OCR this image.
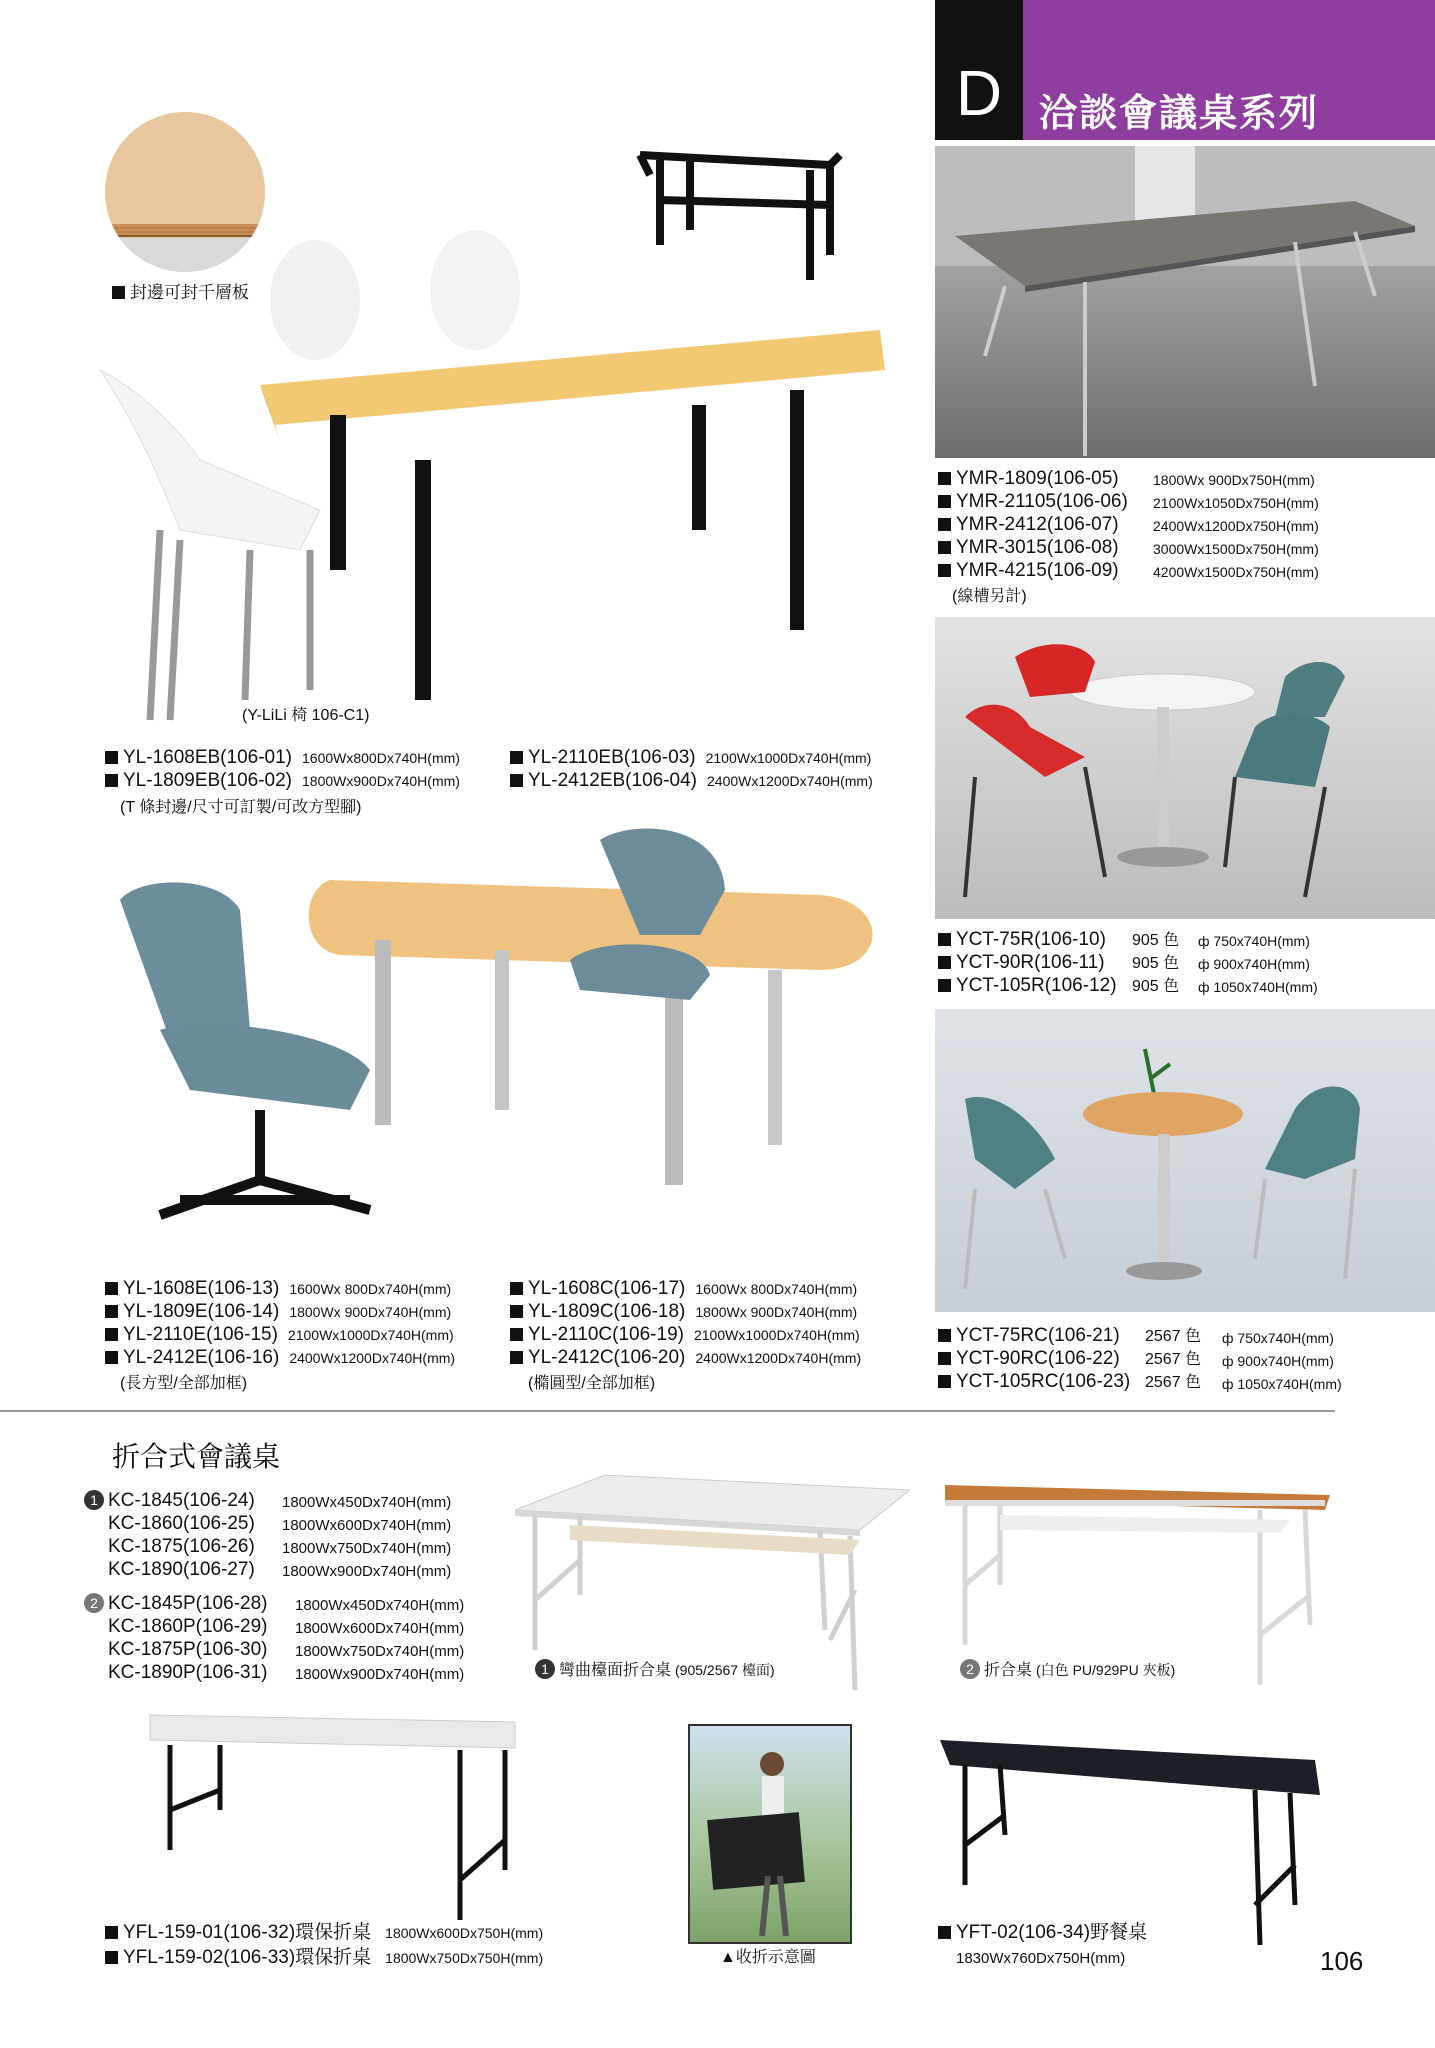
D 洽談會議桌系列
封邊可封千層板
(Y-LiLi 椅 106-C1)
YL-1608EB(106-01) 1600Wx800Dx740H(mm)
YL-1809EB(106-02) 1800Wx900Dx740H(mm)
YL-2110EB(106-03) 2100Wx1000Dx740H(mm)
YL-2412EB(106-04) 2400Wx1200Dx740H(mm)
(T 條封邊/尺寸可訂製/可改方型腳)
YMR-1809(106-05) 1800Wx 900Dx750H(mm)
YMR-21105(106-06) 2100Wx1050Dx750H(mm)
YMR-2412(106-07) 2400Wx1200Dx750H(mm)
YMR-3015(106-08) 3000Wx1500Dx750H(mm)
YMR-4215(106-09) 4200Wx1500Dx750H(mm)
(線槽另計)
YCT-75R(106-10) 905 色 ф 750x740H(mm)
YCT-90R(106-11) 905 色 ф 900x740H(mm)
YCT-105R(106-12) 905 色 ф 1050x740H(mm)
YL-1608E(106-13) 1600Wx 800Dx740H(mm)
YL-1809E(106-14) 1800Wx 900Dx740H(mm)
YL-2110E(106-15) 2100Wx1000Dx740H(mm)
YL-2412E(106-16) 2400Wx1200Dx740H(mm)
(長方型/全部加框)
YL-1608C(106-17) 1600Wx 800Dx740H(mm)
YL-1809C(106-18) 1800Wx 900Dx740H(mm)
YL-2110C(106-19) 2100Wx1000Dx740H(mm)
YL-2412C(106-20) 2400Wx1200Dx740H(mm)
(橢圓型/全部加框)
YCT-75RC(106-21) 2567 色 ф 750x740H(mm)
YCT-90RC(106-22) 2567 色 ф 900x740H(mm)
YCT-105RC(106-23) 2567 色 ф 1050x740H(mm)
折合式會議桌
1 KC-1845(106-24) 1800Wx450Dx740H(mm)
KC-1860(106-25) 1800Wx600Dx740H(mm)
KC-1875(106-26) 1800Wx750Dx740H(mm)
KC-1890(106-27) 1800Wx900Dx740H(mm)
2 KC-1845P(106-28) 1800Wx450Dx740H(mm)
KC-1860P(106-29) 1800Wx600Dx740H(mm)
KC-1875P(106-30) 1800Wx750Dx740H(mm)
KC-1890P(106-31) 1800Wx900Dx740H(mm)	1 彎曲檯面折合桌 (905/2567 檯面)	2 折合桌 (白色 PU/929PU 夾板)
YFL-159-01(106-32)環保折桌 1800Wx600Dx750H(mm)
YFL-159-02(106-33)環保折桌 1800Wx750Dx750H(mm)	▲收折示意圖
YFT-02(106-34)野餐桌
1830Wx760Dx750H(mm)	106
